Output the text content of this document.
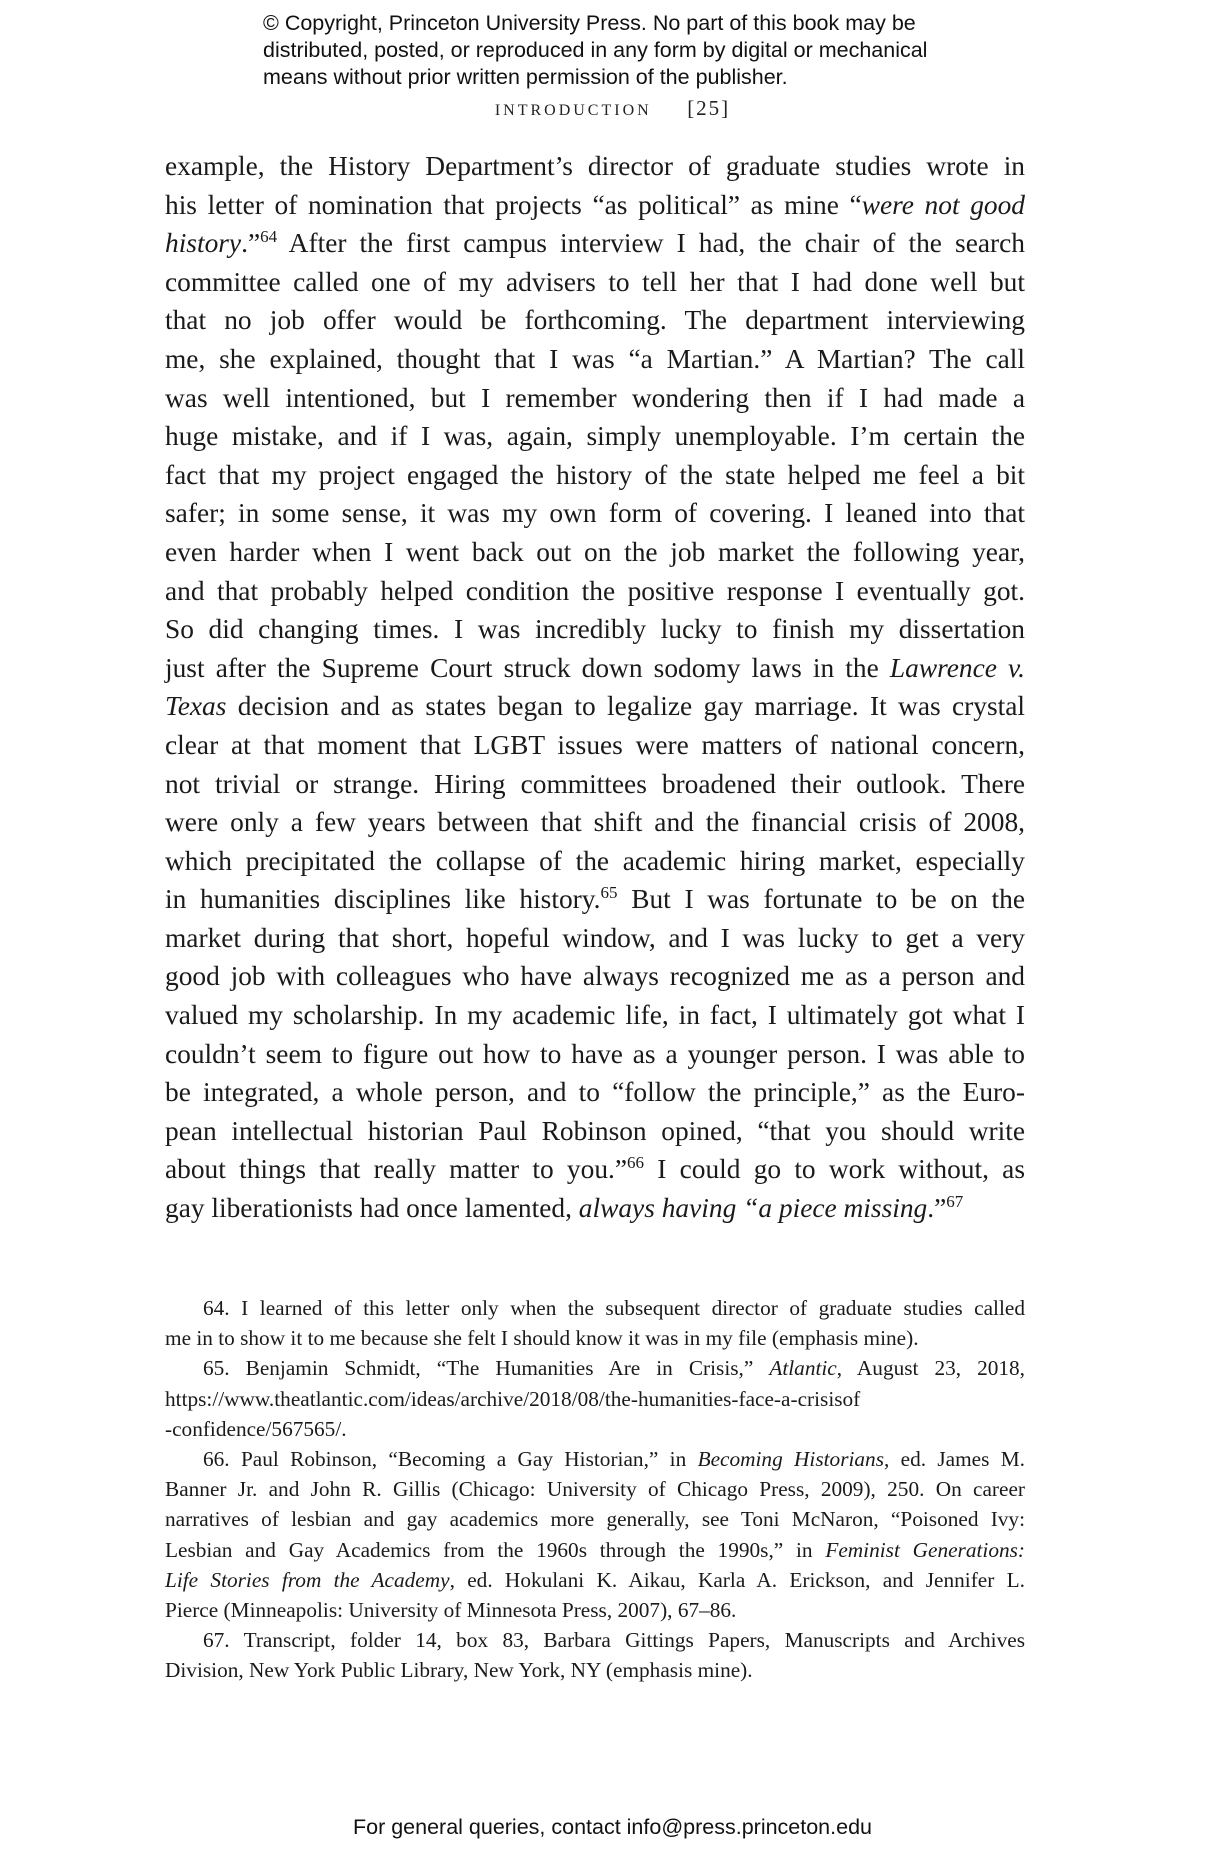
© Copyright, Princeton University Press. No part of this book may be
distributed, posted, or reproduced in any form by digital or mechanical
means without prior written permission of the publisher.
introduction [25]
example, the History Department’s director of graduate studies wrote in
his letter of nomination that projects “as political” as mine “were not good
history.”$^{64}$ After the first campus interview I had, the chair of the search
committee called one of my advisers to tell her that I had done well but
that no job offer would be forthcoming. The department interviewing
me, she explained, thought that I was “a Martian.” A Martian? The call
was well intentioned, but I remember wondering then if I had made a
huge mistake, and if I was, again, simply unemployable. I’m certain the
fact that my project engaged the history of the state helped me feel a bit
safer; in some sense, it was my own form of covering. I leaned into that
even harder when I went back out on the job market the following year,
and that probably helped condition the positive response I eventually got.
So did changing times. I was incredibly lucky to finish my dissertation
just after the Supreme Court struck down sodomy laws in the Lawrence v.
Texas decision and as states began to legalize gay marriage. It was crystal
clear at that moment that LGBT issues were matters of national concern,
not trivial or strange. Hiring committees broadened their outlook. There
were only a few years between that shift and the financial crisis of 2008,
which precipitated the collapse of the academic hiring market, especially
in humanities disciplines like history.$^{65}$ But I was fortunate to be on the
market during that short, hopeful window, and I was lucky to get a very
good job with colleagues who have always recognized me as a person and
valued my scholarship. In my academic life, in fact, I ultimately got what I
couldn’t seem to figure out how to have as a younger person. I was able to
be integrated, a whole person, and to “follow the principle,” as the Euro-
pean intellectual historian Paul Robinson opined, “that you should write
about things that really matter to you.”$^{66}$ I could go to work without, as
gay liberationists had once lamented, always having “a piece missing.”$^{67}$
64. I learned of this letter only when the subsequent director of graduate studies called
me in to show it to me because she felt I should know it was in my file (emphasis mine).
65. Benjamin Schmidt, “The Humanities Are in Crisis,” Atlantic, August 23, 2018,
https://www.theatlantic.com/ideas/archive/2018/08/the-humanities-face-a-crisisof
-confidence/567565/.
66. Paul Robinson, “Becoming a Gay Historian,” in Becoming Historians, ed. James M.
Banner Jr. and John R. Gillis (Chicago: University of Chicago Press, 2009), 250. On career
narratives of lesbian and gay academics more generally, see Toni McNaron, “Poisoned Ivy:
Lesbian and Gay Academics from the 1960s through the 1990s,” in Feminist Generations:
Life Stories from the Academy, ed. Hokulani K. Aikau, Karla A. Erickson, and Jennifer L.
Pierce (Minneapolis: University of Minnesota Press, 2007), 67–86.
67. Transcript, folder 14, box 83, Barbara Gittings Papers, Manuscripts and Archives
Division, New York Public Library, New York, NY (emphasis mine).
For general queries, contact info@press.princeton.edu
